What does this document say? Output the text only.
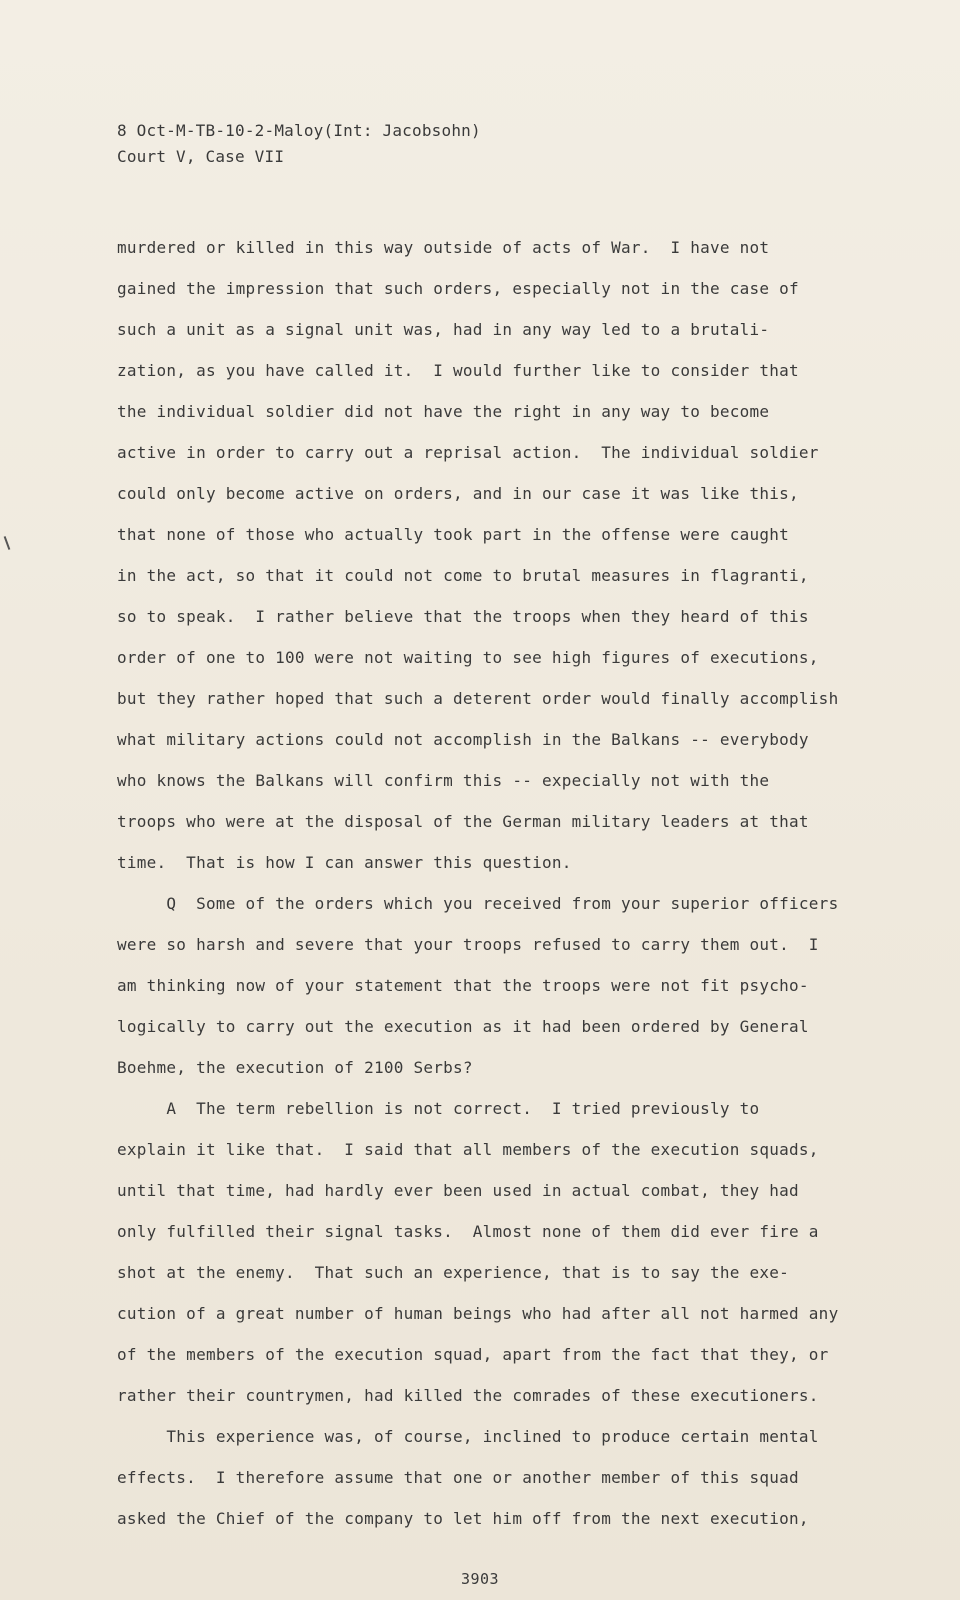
8 Oct-M-TB-10-2-Maloy(Int: Jacobsohn)
Court V, Case VII
murdered or killed in this way outside of acts of War.  I have not
gained the impression that such orders, especially not in the case of
such a unit as a signal unit was, had in any way led to a brutali-
zation, as you have called it.  I would further like to consider that
the individual soldier did not have the right in any way to become
active in order to carry out a reprisal action.  The individual soldier
could only become active on orders, and in our case it was like this,
that none of those who actually took part in the offense were caught
in the act, so that it could not come to brutal measures in flagranti,
so to speak.  I rather believe that the troops when they heard of this
order of one to 100 were not waiting to see high figures of executions,
but they rather hoped that such a deterent order would finally accomplish
what military actions could not accomplish in the Balkans -- everybody
who knows the Balkans will confirm this -- expecially not with the
troops who were at the disposal of the German military leaders at that
time.  That is how I can answer this question.
Q  Some of the orders which you received from your superior officers
were so harsh and severe that your troops refused to carry them out.  I
am thinking now of your statement that the troops were not fit psycho-
logically to carry out the execution as it had been ordered by General
Boehme, the execution of 2100 Serbs?
A  The term rebellion is not correct.  I tried previously to
explain it like that.  I said that all members of the execution squads,
until that time, had hardly ever been used in actual combat, they had
only fulfilled their signal tasks.  Almost none of them did ever fire a
shot at the enemy.  That such an experience, that is to say the exe-
cution of a great number of human beings who had after all not harmed any
of the members of the execution squad, apart from the fact that they, or
rather their countrymen, had killed the comrades of these executioners.
This experience was, of course, inclined to produce certain mental
effects.  I therefore assume that one or another member of this squad
asked the Chief of the company to let him off from the next execution,
3903
